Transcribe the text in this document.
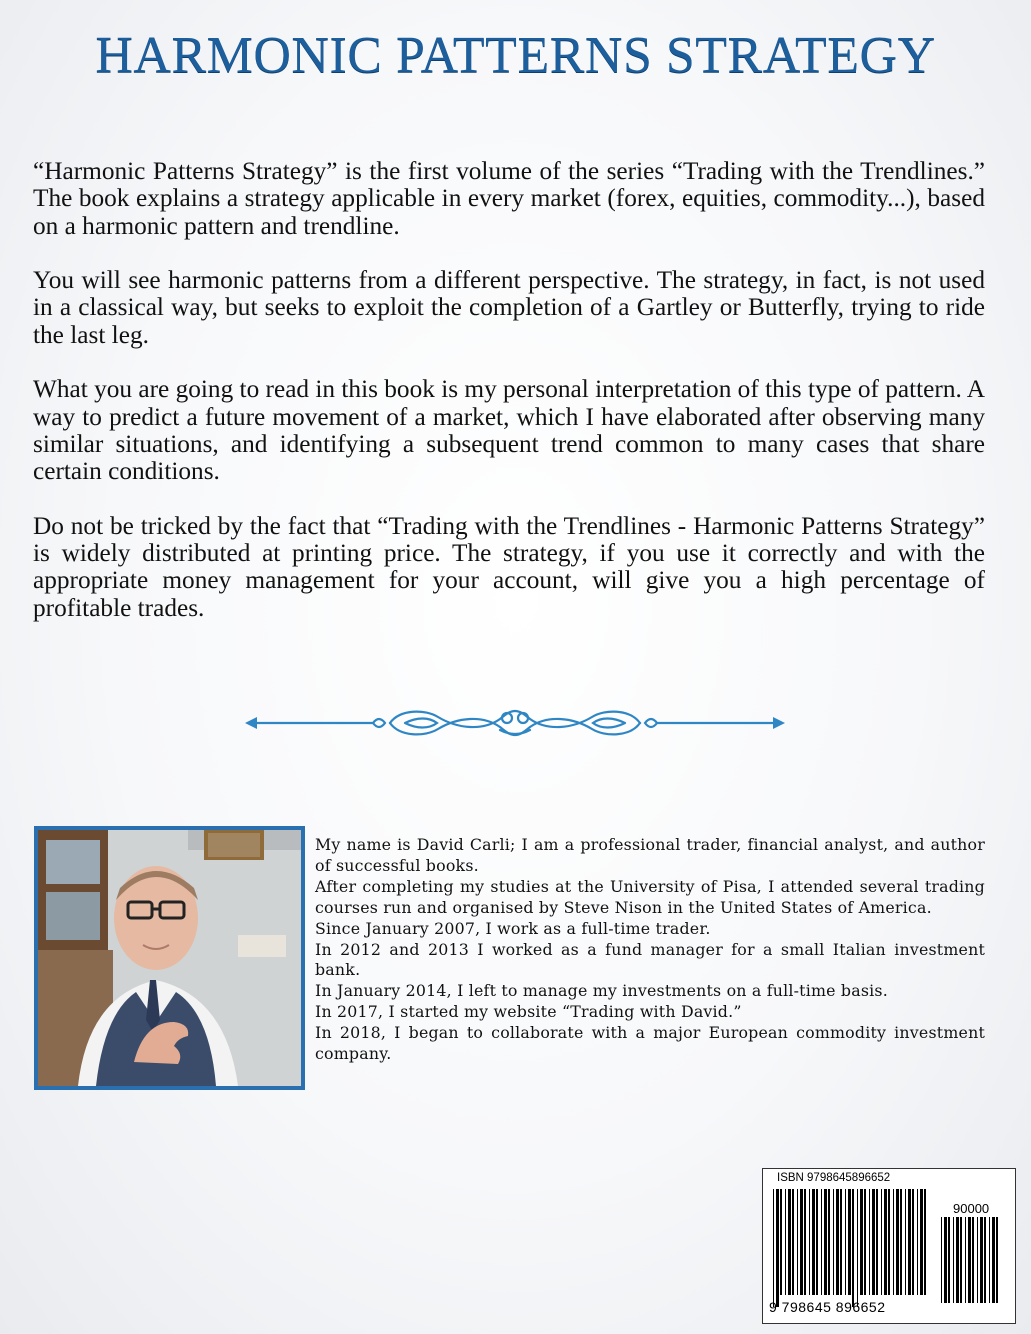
HARMONIC PATTERNS STRATEGY

“Harmonic Patterns Strategy” is the first volume of the series “Trading with the Trendlines.” The book explains a strategy applicable in every market (forex, equities, commodity...), based on a harmonic pattern and trendline.

You will see harmonic patterns from a different perspective. The strategy, in fact, is not used in a classical way, but seeks to exploit the completion of a Gartley or Butterfly, trying to ride the last leg.

What you are going to read in this book is my personal interpretation of this type of pattern. A way to predict a future movement of a market, which I have elaborated after observing many similar situations, and identifying a subsequent trend common to many cases that share certain conditions.

Do not be tricked by the fact that “Trading with the Trendlines - Harmonic Patterns Strategy” is widely distributed at printing price. The strategy, if you use it correctly and with the appropriate money management for your account, will give you a high percentage of profitable trades.

My name is David Carli; I am a professional trader, financial analyst, and author of successful books.

After completing my studies at the University of Pisa, I attended several trading courses run and organised by Steve Nison in the United States of America.

Since January 2007, I work as a full-time trader.

In 2012 and 2013 I worked as a fund manager for a small Italian investment bank.

In January 2014, I left to manage my investments on a full-time basis.

In 2017, I started my website “Trading with David.”

In 2018, I began to collaborate with a major European commodity investment company.

ISBN 9798645896652
90000
9 798645 896652
